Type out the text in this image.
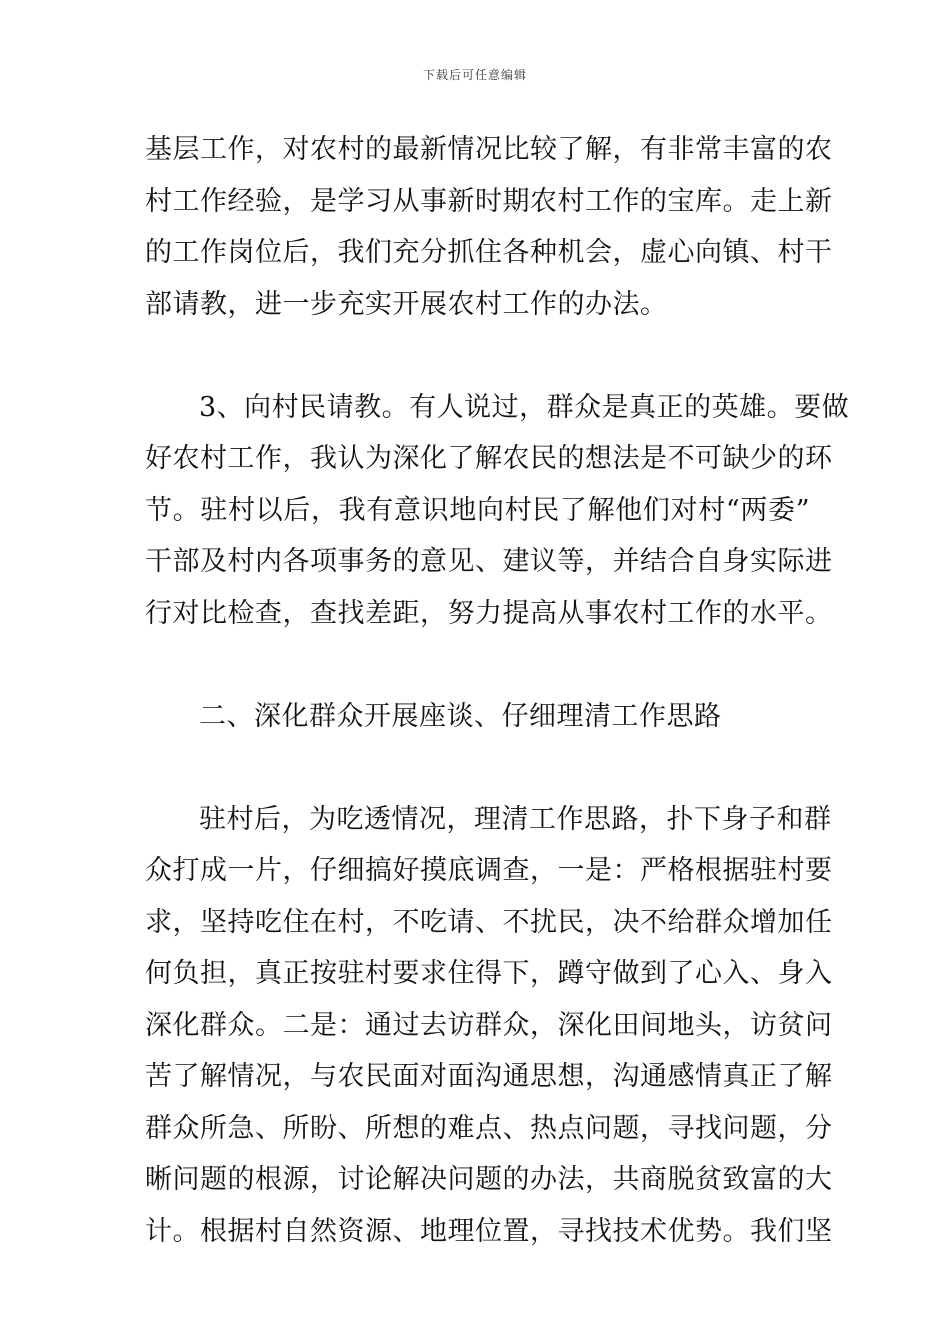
下载后可任意编辑
基层工作，对农村的最新情况比较了解，有非常丰富的农
村工作经验，是学习从事新时期农村工作的宝库。走上新
的工作岗位后，我们充分抓住各种机会，虚心向镇、村干
部请教，进一步充实开展农村工作的办法。
3、向村民请教。有人说过，群众是真正的英雄。要做
好农村工作，我认为深化了解农民的想法是不可缺少的环
节。驻村以后，我有意识地向村民了解他们对村“两委”
干部及村内各项事务的意见、建议等，并结合自身实际进
行对比检查，查找差距，努力提高从事农村工作的水平。
二、深化群众开展座谈、仔细理清工作思路
驻村后，为吃透情况，理清工作思路，扑下身子和群
众打成一片，仔细搞好摸底调查，一是：严格根据驻村要
求，坚持吃住在村，不吃请、不扰民，决不给群众增加任
何负担，真正按驻村要求住得下，蹲守做到了心入、身入
深化群众。二是：通过去访群众，深化田间地头，访贫问
苦了解情况，与农民面对面沟通思想，沟通感情真正了解
群众所急、所盼、所想的难点、热点问题，寻找问题，分
晰问题的根源，讨论解决问题的办法，共商脱贫致富的大
计。根据村自然资源、地理位置，寻找技术优势。我们坚
